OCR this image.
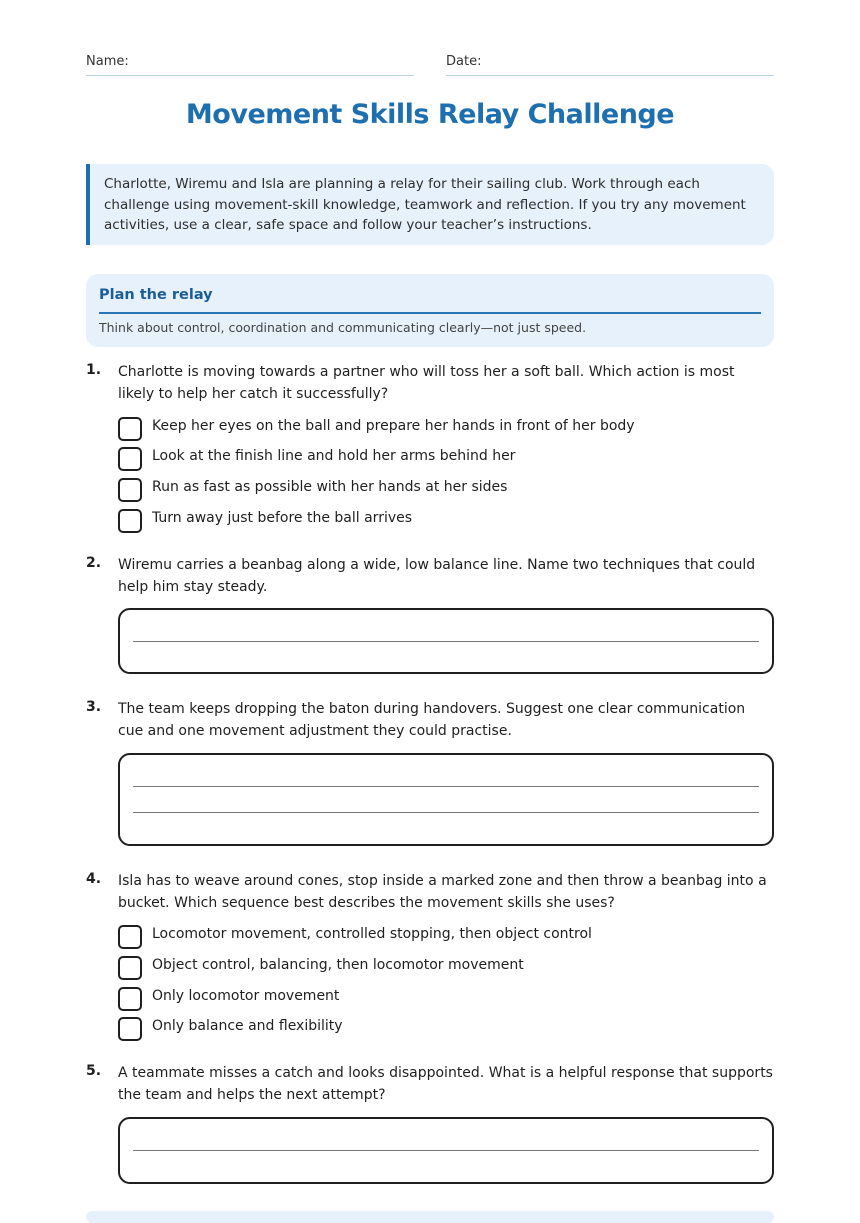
Name:	Date:
Movement Skills Relay Challenge
Charlotte, Wiremu and Isla are planning a relay for their sailing club. Work through each challenge using movement-skill knowledge, teamwork and reflection. If you try any movement activities, use a clear, safe space and follow your teacher’s instructions.
Plan the relay
Think about control, coordination and communicating clearly—not just speed.
1. Charlotte is moving towards a partner who will toss her a soft ball. Which action is most likely to help her catch it successfully?
Keep her eyes on the ball and prepare her hands in front of her body
Look at the finish line and hold her arms behind her
Run as fast as possible with her hands at her sides
Turn away just before the ball arrives
2. Wiremu carries a beanbag along a wide, low balance line. Name two techniques that could help him stay steady.
3. The team keeps dropping the baton during handovers. Suggest one clear communication cue and one movement adjustment they could practise.
4. Isla has to weave around cones, stop inside a marked zone and then throw a beanbag into a bucket. Which sequence best describes the movement skills she uses?
Locomotor movement, controlled stopping, then object control
Object control, balancing, then locomotor movement
Only locomotor movement
Only balance and flexibility
5. A teammate misses a catch and looks disappointed. What is a helpful response that supports the team and helps the next attempt?
